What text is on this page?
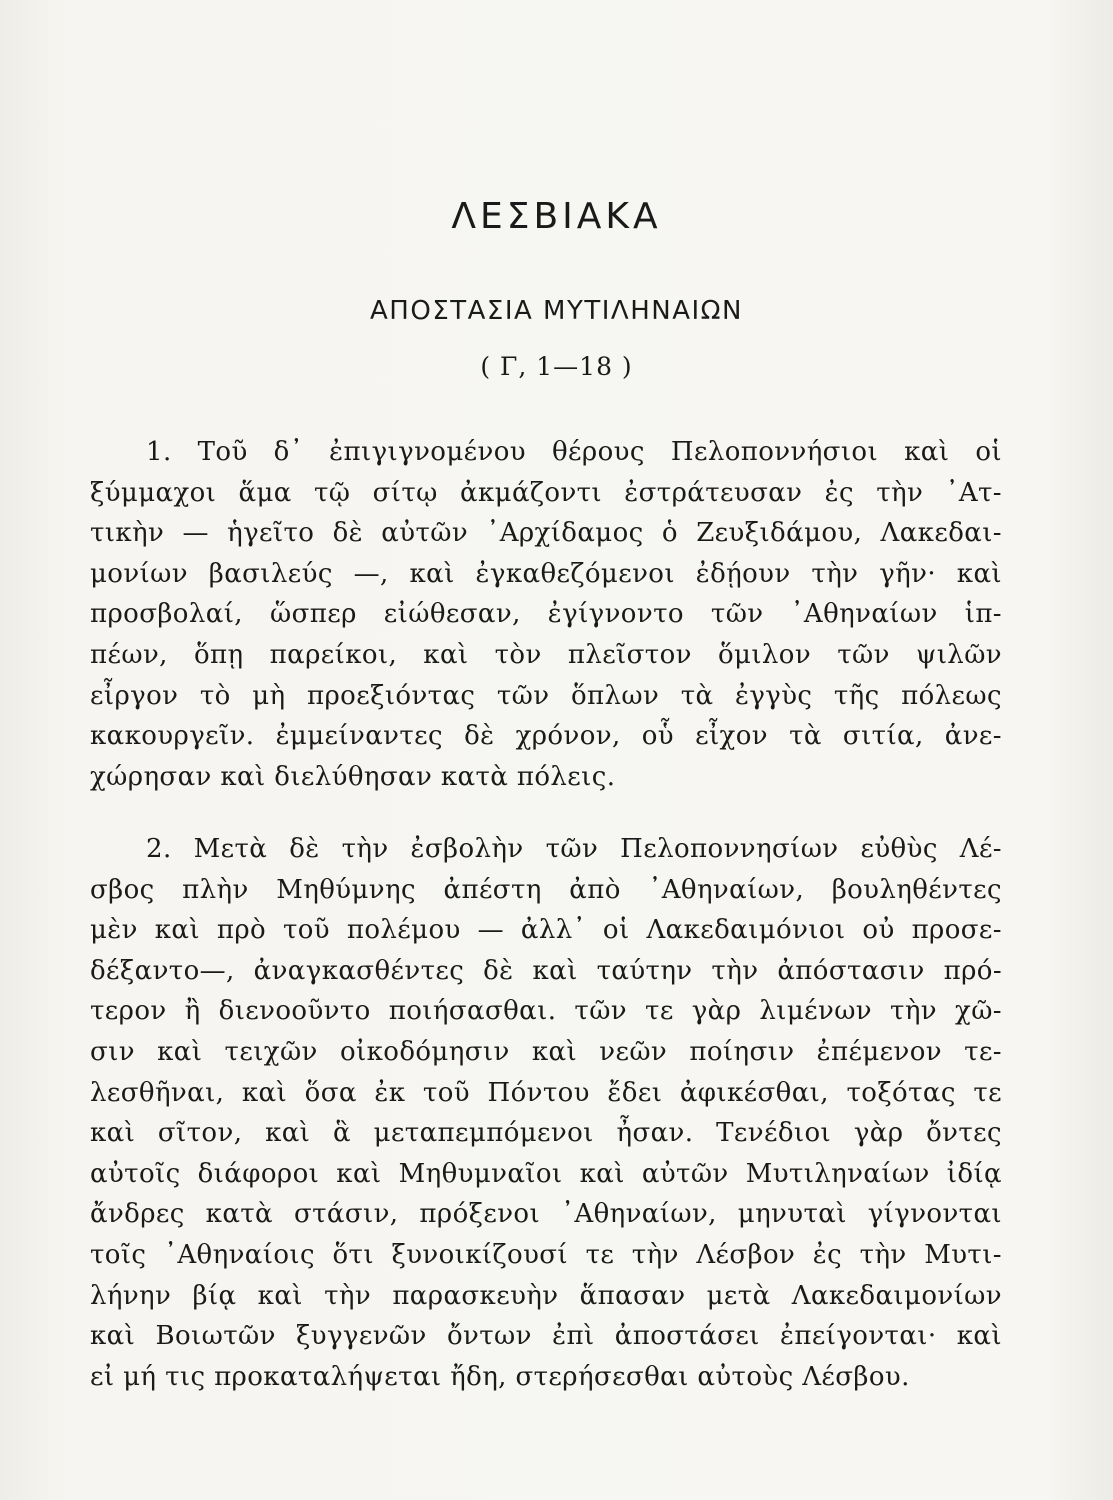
ΛΕΣΒΙΑΚΑ
ΑΠΟΣΤΑΣΙΑ ΜΥΤΙΛΗΝΑΙΩΝ
( Γ, 1—18 )
1. Τοῦ δ᾽ ἐπιγιγνομένου θέρους Πελοποννήσιοι καὶ οἱ
ξύμμαχοι ἅμα τῷ σίτῳ ἀκμάζοντι ἐστράτευσαν ἐς τὴν ᾽Ατ-
τικὴν — ἡγεῖτο δὲ αὐτῶν ᾽Αρχίδαμος ὁ Ζευξιδάμου, Λακεδαι-
μονίων βασιλεύς —, καὶ ἐγκαθεζόμενοι ἐδῄουν τὴν γῆν· καὶ
προσβολαί, ὥσπερ εἰώθεσαν, ἐγίγνοντο τῶν ᾽Αθηναίων ἱπ-
πέων, ὅπῃ παρείκοι, καὶ τὸν πλεῖστον ὅμιλον τῶν ψιλῶν
εἶργον τὸ μὴ προεξιόντας τῶν ὅπλων τὰ ἐγγὺς τῆς πόλεως
κακουργεῖν. ἐμμείναντες δὲ χρόνον, οὗ εἶχον τὰ σιτία, ἀνε-
χώρησαν καὶ διελύθησαν κατὰ πόλεις.
2. Μετὰ δὲ τὴν ἐσβολὴν τῶν Πελοποννησίων εὐθὺς Λέ-
σβος πλὴν Μηθύμνης ἀπέστη ἀπὸ ᾽Αθηναίων, βουληθέντες
μὲν καὶ πρὸ τοῦ πολέμου — ἀλλ᾽ οἱ Λακεδαιμόνιοι οὐ προσε-
δέξαντο—, ἀναγκασθέντες δὲ καὶ ταύτην τὴν ἀπόστασιν πρό-
τερον ἢ διενοοῦντο ποιήσασθαι. τῶν τε γὰρ λιμένων τὴν χῶ-
σιν καὶ τειχῶν οἰκοδόμησιν καὶ νεῶν ποίησιν ἐπέμενον τε-
λεσθῆναι, καὶ ὅσα ἐκ τοῦ Πόντου ἔδει ἀφικέσθαι, τοξότας τε
καὶ σῖτον, καὶ ἃ μεταπεμπόμενοι ἦσαν. Τενέδιοι γὰρ ὄντες
αὐτοῖς διάφοροι καὶ Μηθυμναῖοι καὶ αὐτῶν Μυτιληναίων ἰδίᾳ
ἄνδρες κατὰ στάσιν, πρόξενοι ᾽Αθηναίων, μηνυταὶ γίγνονται
τοῖς ᾽Αθηναίοις ὅτι ξυνοικίζουσί τε τὴν Λέσβον ἐς τὴν Μυτι-
λήνην βίᾳ καὶ τὴν παρασκευὴν ἅπασαν μετὰ Λακεδαιμονίων
καὶ Βοιωτῶν ξυγγενῶν ὄντων ἐπὶ ἀποστάσει ἐπείγονται· καὶ
εἰ μή τις προκαταλήψεται ἤδη, στερήσεσθαι αὐτοὺς Λέσβου.
